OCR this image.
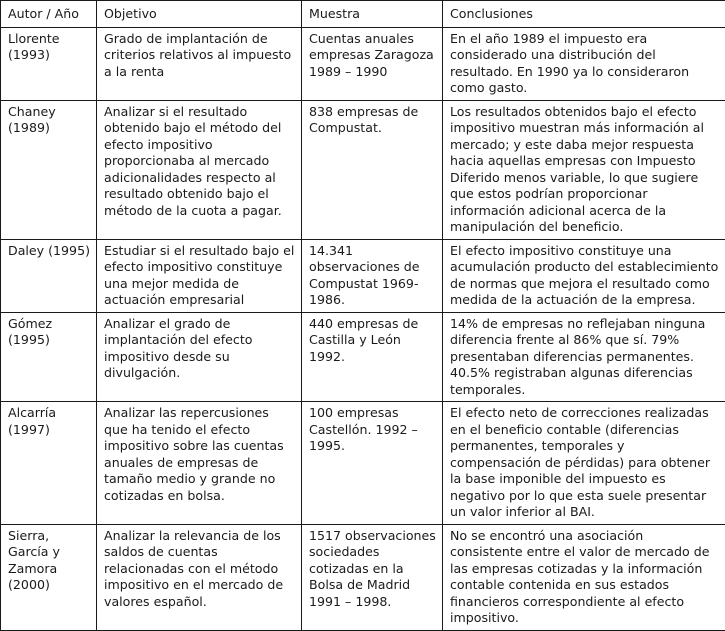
Autor / Año	Objetivo	Muestra	Conclusiones
Llorente (1993)	Grado de implantación de criterios relativos al impuesto a la renta	Cuentas anuales empresas Zaragoza 1989 – 1990	En el año 1989 el impuesto era considerado una distribución del resultado. En 1990 ya lo consideraron como gasto.
Chaney (1989)	Analizar si el resultado obtenido bajo el método del efecto impositivo proporcionaba al mercado adicionalidades respecto al resultado obtenido bajo el método de la cuota a pagar.	838 empresas de Compustat.	Los resultados obtenidos bajo el efecto impositivo muestran más información al mercado; y este daba mejor respuesta hacia aquellas empresas con Impuesto Diferido menos variable, lo que sugiere que estos podrían proporcionar información adicional acerca de la manipulación del beneficio.
Daley (1995)	Estudiar si el resultado bajo el efecto impositivo constituye una mejor medida de actuación empresarial	14.341 observaciones de Compustat 1969-1986.	El efecto impositivo constituye una acumulación producto del establecimiento de normas que mejora el resultado como medida de la actuación de la empresa.
Gómez (1995)	Analizar el grado de implantación del efecto impositivo desde su divulgación.	440 empresas de Castilla y León 1992.	14% de empresas no reflejaban ninguna diferencia frente al 86% que sí. 79% presentaban diferencias permanentes. 40.5% registraban algunas diferencias temporales.
Alcarría (1997)	Analizar las repercusiones que ha tenido el efecto impositivo sobre las cuentas anuales de empresas de tamaño medio y grande no cotizadas en bolsa.	100 empresas Castellón. 1992 – 1995.	El efecto neto de correcciones realizadas en el beneficio contable (diferencias permanentes, temporales y compensación de pérdidas) para obtener la base imponible del impuesto es negativo por lo que esta suele presentar un valor inferior al BAI.
Sierra, García y Zamora (2000)	Analizar la relevancia de los saldos de cuentas relacionadas con el método impositivo en el mercado de valores español.	1517 observaciones sociedades cotizadas en la Bolsa de Madrid 1991 – 1998.	No se encontró una asociación consistente entre el valor de mercado de las empresas cotizadas y la información contable contenida en sus estados financieros correspondiente al efecto impositivo.
